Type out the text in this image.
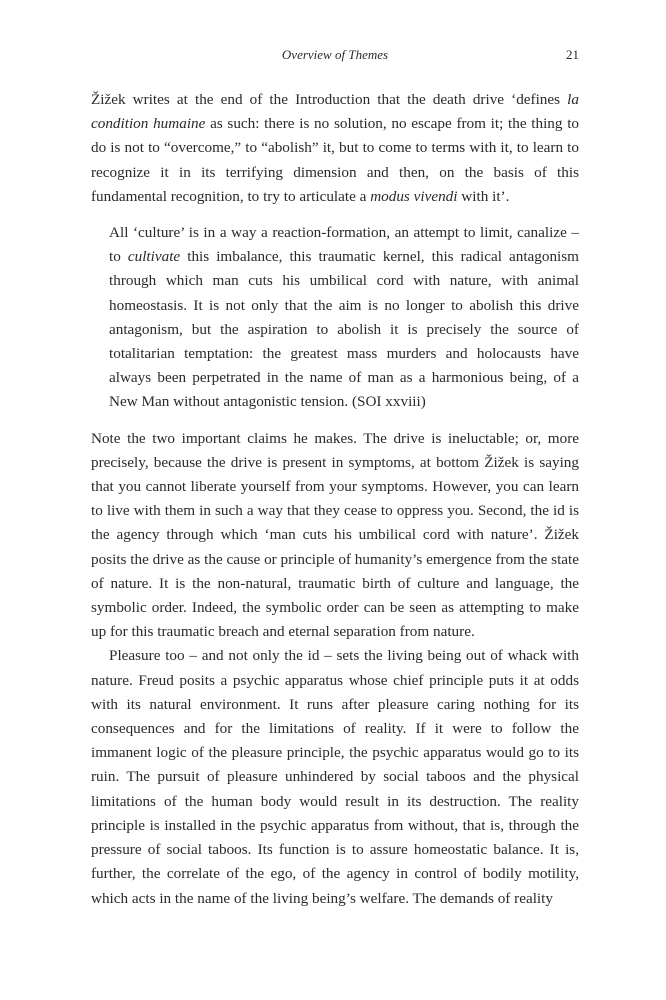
Overview of Themes	21

Žižek writes at the end of the Introduction that the death drive ‘defines la condition humaine as such: there is no solution, no escape from it; the thing to do is not to “overcome,” to “abolish” it, but to come to terms with it, to learn to recognize it in its terrifying dimension and then, on the basis of this fundamental recognition, to try to articulate a modus vivendi with it’.

All ‘culture’ is in a way a reaction-formation, an attempt to limit, canalize – to cultivate this imbalance, this traumatic kernel, this radical antagonism through which man cuts his umbilical cord with nature, with animal homeostasis. It is not only that the aim is no longer to abolish this drive antagonism, but the aspiration to abolish it is precisely the source of totalitarian temptation: the greatest mass murders and holocausts have always been perpetrated in the name of man as a harmonious being, of a New Man without antagonistic tension. (SOI xxviii)

Note the two important claims he makes. The drive is ineluctable; or, more precisely, because the drive is present in symptoms, at bottom Žižek is saying that you cannot liberate yourself from your symptoms. However, you can learn to live with them in such a way that they cease to oppress you. Second, the id is the agency through which ‘man cuts his umbilical cord with nature’. Žižek posits the drive as the cause or principle of humanity’s emergence from the state of nature. It is the non-natural, traumatic birth of culture and language, the symbolic order. Indeed, the symbolic order can be seen as attempting to make up for this traumatic breach and eternal separation from nature.

Pleasure too – and not only the id – sets the living being out of whack with nature. Freud posits a psychic apparatus whose chief principle puts it at odds with its natural environment. It runs after pleasure caring nothing for its consequences and for the limitations of reality. If it were to follow the immanent logic of the pleasure principle, the psychic apparatus would go to its ruin. The pursuit of pleasure unhindered by social taboos and the physical limitations of the human body would result in its destruction. The reality principle is installed in the psychic apparatus from without, that is, through the pressure of social taboos. Its function is to assure homeostatic balance. It is, further, the correlate of the ego, of the agency in control of bodily motility, which acts in the name of the living being’s welfare. The demands of reality
